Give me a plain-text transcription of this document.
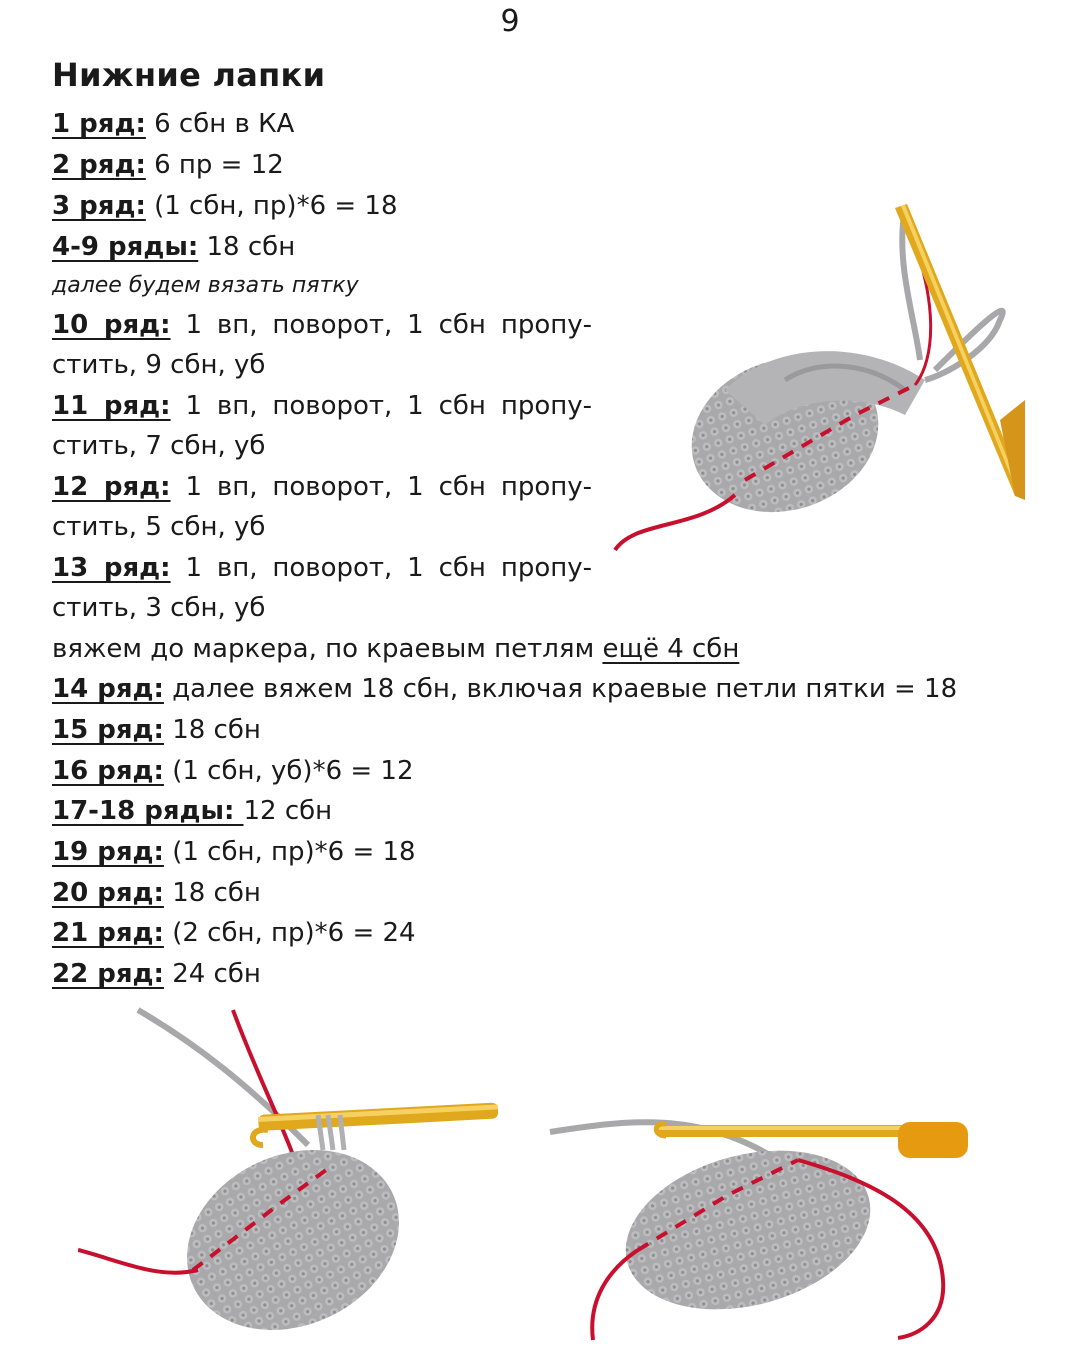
9
Нижние лапки
1 ряд: 6 сбн в КА
2 ряд: 6 пр = 12
3 ряд: (1 сбн, пр)*6 = 18
4-9 ряды: 18 сбн
далее будем вязать пятку
10 ряд: 1 вп, поворот, 1 сбн пропу-
стить, 9 сбн, уб
11 ряд: 1 вп, поворот, 1 сбн пропу-
стить, 7 сбн, уб
12 ряд: 1 вп, поворот, 1 сбн пропу-
стить, 5 сбн, уб
13 ряд: 1 вп, поворот, 1 сбн пропу-
стить, 3 сбн, уб
вяжем до маркера, по краевым петлям ещё 4 сбн
14 ряд: далее вяжем 18 сбн, включая краевые петли пятки = 18
15 ряд: 18 сбн
16 ряд: (1 сбн, уб)*6 = 12
17-18 ряды: 12 сбн
19 ряд: (1 сбн, пр)*6 = 18
20 ряд: 18 сбн
21 ряд: (2 сбн, пр)*6 = 24
22 ряд: 24 сбн
